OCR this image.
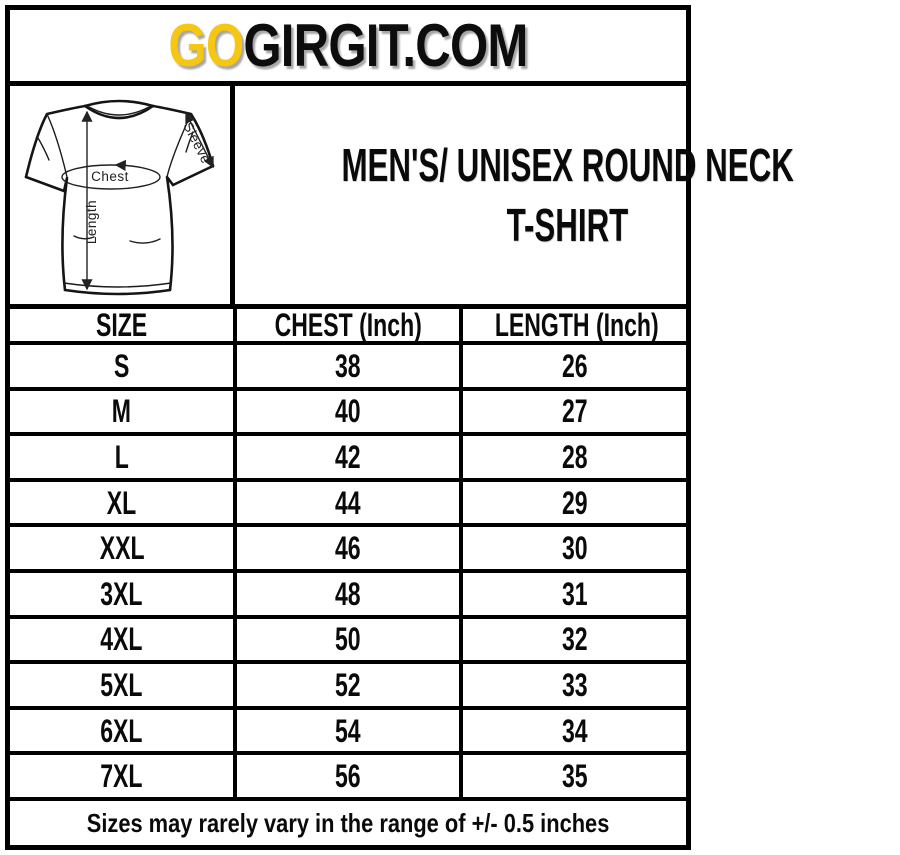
GOGIRGIT.COM
Chest
Length
Sleeve	MEN'S/ UNISEX ROUND NECK
T-SHIRT
SIZE	CHEST (Inch)	LENGTH (Inch)
S	38	26
M	40	27
L	42	28
XL	44	29
XXL	46	30
3XL	48	31
4XL	50	32
5XL	52	33
6XL	54	34
7XL	56	35
Sizes may rarely vary in the range of +/- 0.5 inches
